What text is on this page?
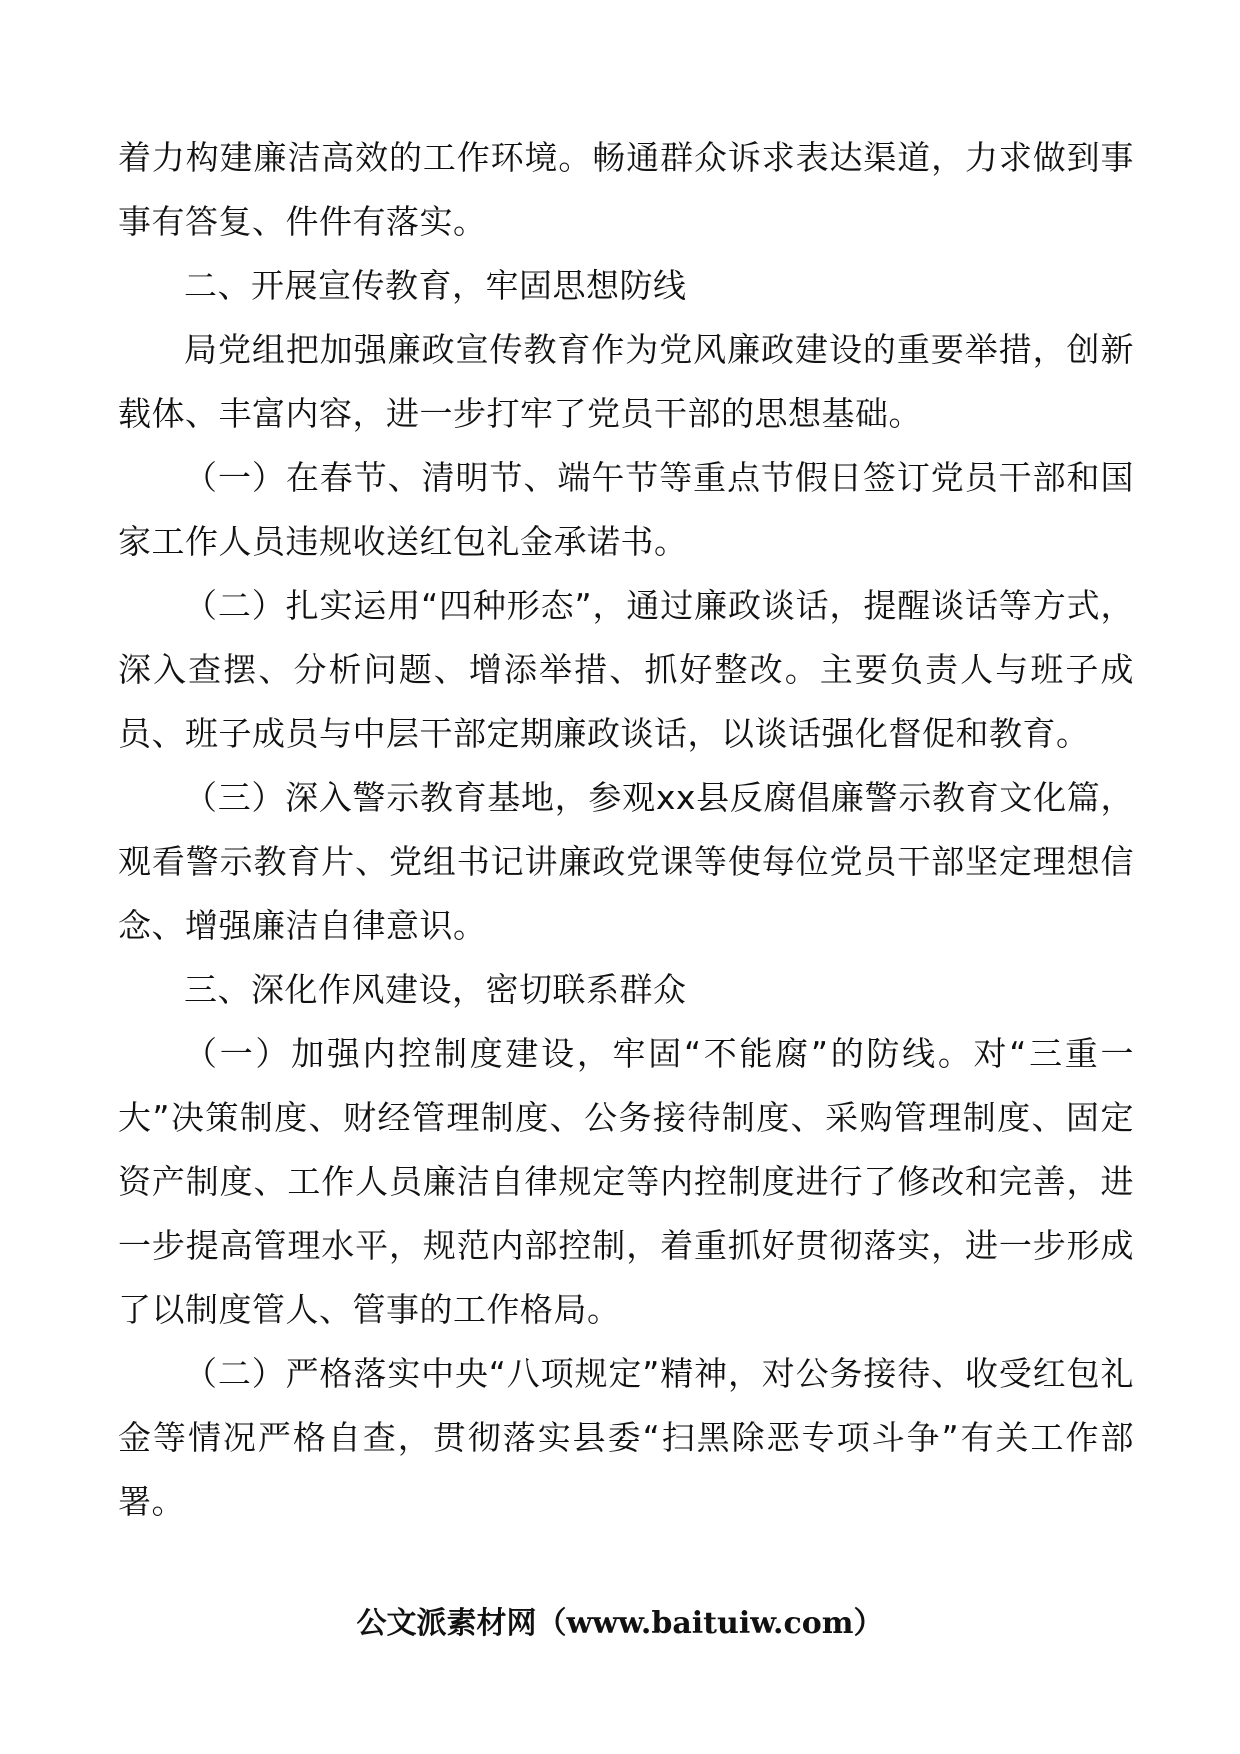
着力构建廉洁高效的工作环境。畅通群众诉求表达渠道，力求做到事事有答复、件件有落实。

二、开展宣传教育，牢固思想防线

局党组把加强廉政宣传教育作为党风廉政建设的重要举措，创新载体、丰富内容，进一步打牢了党员干部的思想基础。

（一）在春节、清明节、端午节等重点节假日签订党员干部和国家工作人员违规收送红包礼金承诺书。

（二）扎实运用“四种形态”，通过廉政谈话，提醒谈话等方式，深入查摆、分析问题、增添举措、抓好整改。主要负责人与班子成员、班子成员与中层干部定期廉政谈话，以谈话强化督促和教育。

（三）深入警示教育基地，参观xx县反腐倡廉警示教育文化篇，观看警示教育片、党组书记讲廉政党课等使每位党员干部坚定理想信念、增强廉洁自律意识。

三、深化作风建设，密切联系群众

（一）加强内控制度建设，牢固“不能腐”的防线。对“三重一大”决策制度、财经管理制度、公务接待制度、采购管理制度、固定资产制度、工作人员廉洁自律规定等内控制度进行了修改和完善，进一步提高管理水平，规范内部控制，着重抓好贯彻落实，进一步形成了以制度管人、管事的工作格局。

（二）严格落实中央“八项规定”精神，对公务接待、收受红包礼金等情况严格自查，贯彻落实县委“扫黑除恶专项斗争”有关工作部署。

公文派素材网（www.baituiw.com）
